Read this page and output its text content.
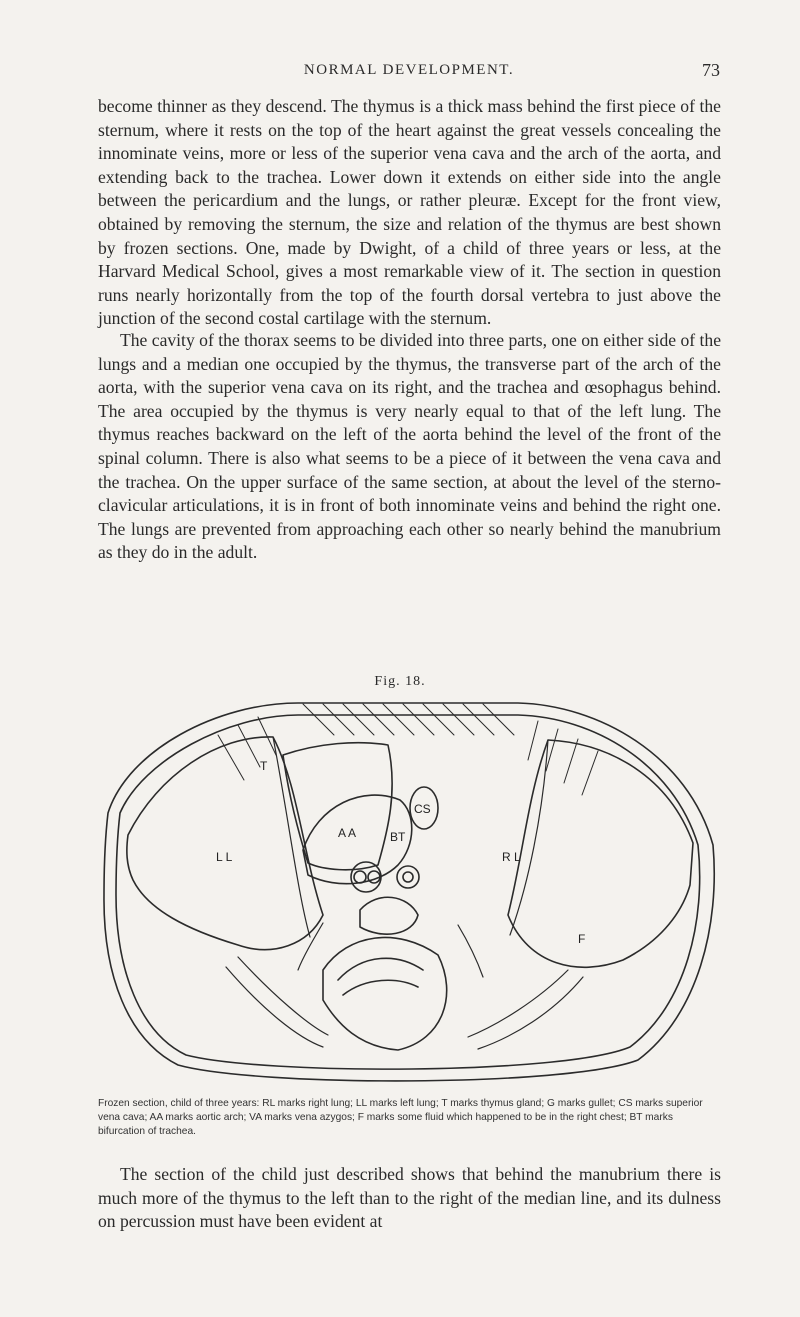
NORMAL DEVELOPMENT.	73

become thinner as they descend. The thymus is a thick mass behind the first piece of the sternum, where it rests on the top of the heart against the great vessels concealing the innominate veins, more or less of the superior vena cava and the arch of the aorta, and extending back to the trachea. Lower down it extends on either side into the angle between the pericardium and the lungs, or rather pleuræ. Except for the front view, obtained by removing the sternum, the size and relation of the thymus are best shown by frozen sections. One, made by Dwight, of a child of three years or less, at the Harvard Medical School, gives a most remarkable view of it. The section in question runs nearly horizontally from the top of the fourth dorsal vertebra to just above the junction of the second costal cartilage with the sternum.

The cavity of the thorax seems to be divided into three parts, one on either side of the lungs and a median one occupied by the thymus, the transverse part of the arch of the aorta, with the superior vena cava on its right, and the trachea and œsophagus behind. The area occupied by the thymus is very nearly equal to that of the left lung. The thymus reaches backward on the left of the aorta behind the level of the front of the spinal column. There is also what seems to be a piece of it between the vena cava and the trachea. On the upper surface of the same section, at about the level of the sterno-clavicular articulations, it is in front of both innominate veins and behind the right one. The lungs are prevented from approaching each other so nearly behind the manubrium as they do in the adult.

Fig. 18.
T
CS
A A	BT
L L	R L
F

Frozen section, child of three years: RL marks right lung; LL marks left lung; T marks thymus gland; G marks gullet; CS marks superior vena cava; AA marks aortic arch; VA marks vena azygos; F marks some fluid which happened to be in the right chest; BT marks bifurcation of trachea.

The section of the child just described shows that behind the manubrium there is much more of the thymus to the left than to the right of the median line, and its dulness on percussion must have been evident at
